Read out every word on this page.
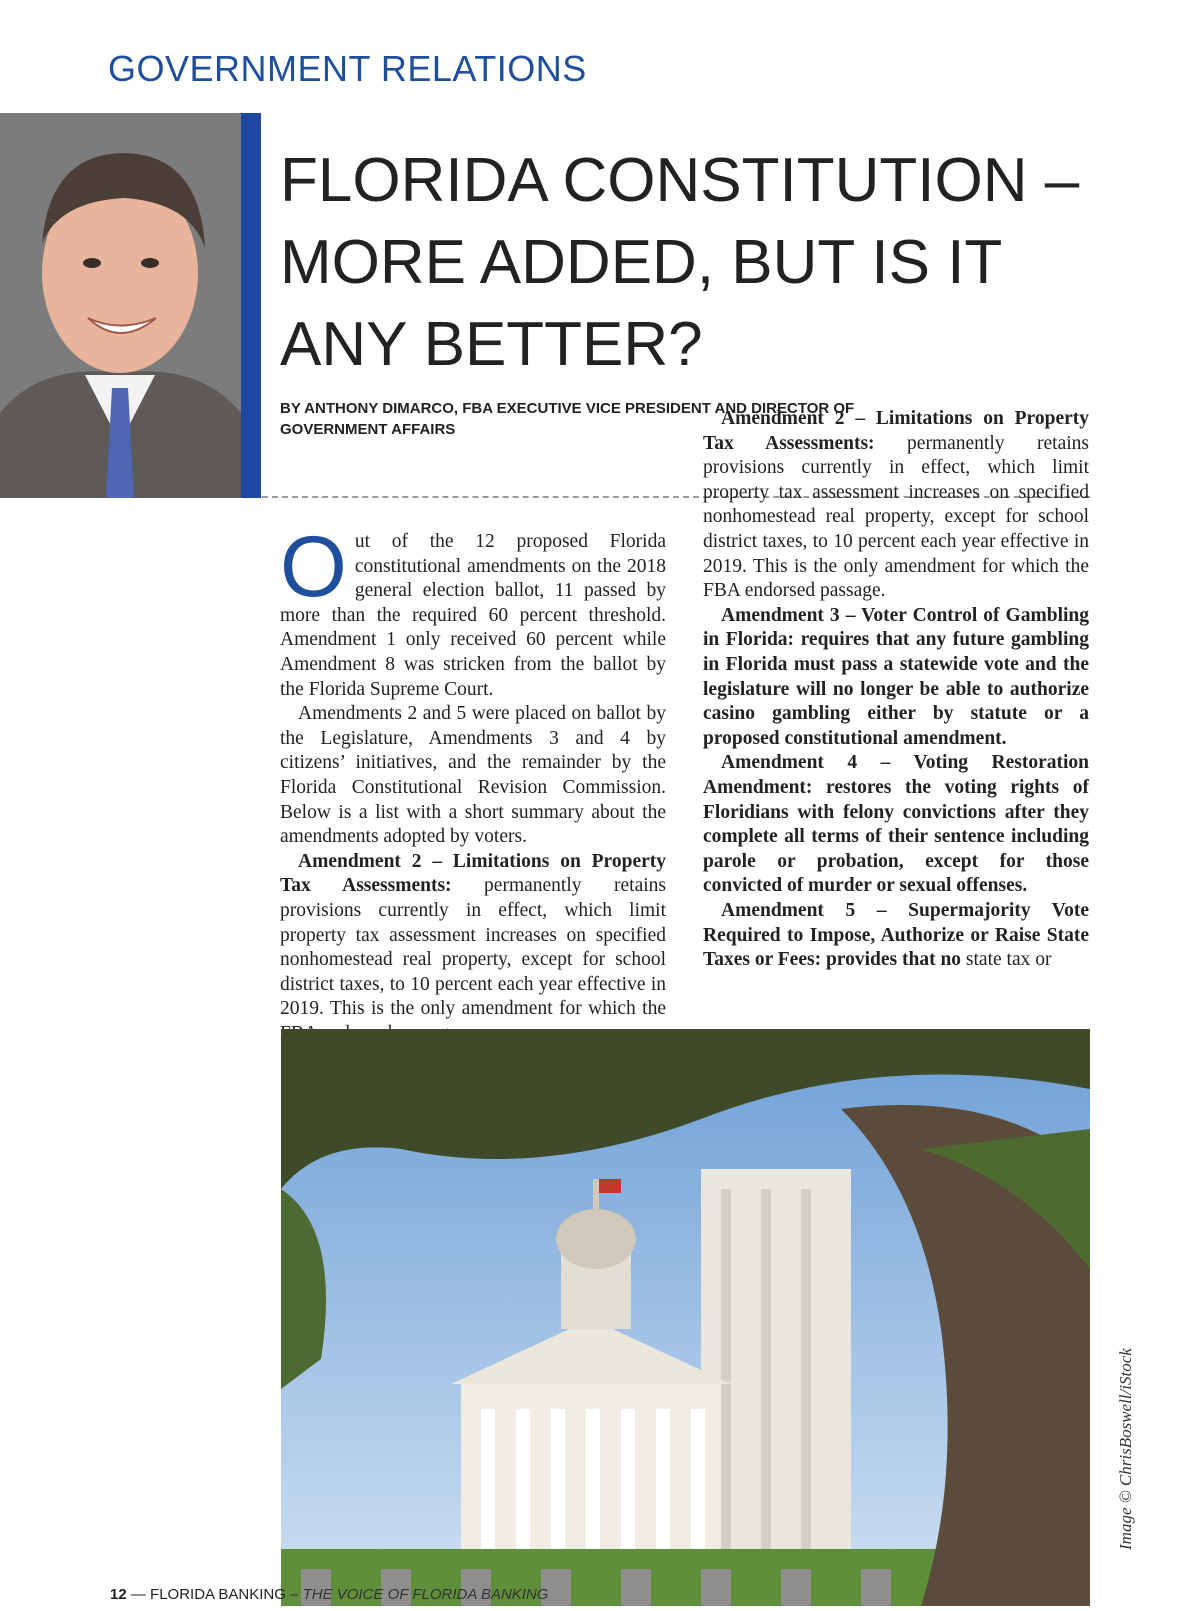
GOVERNMENT RELATIONS
FLORIDA CONSTITUTION – MORE ADDED, BUT IS IT ANY BETTER?
BY ANTHONY DIMARCO, FBA EXECUTIVE VICE PRESIDENT AND DIRECTOR OF GOVERNMENT AFFAIRS

Out of the 12 proposed Florida constitutional amendments on the 2018 general election ballot, 11 passed by more than the required 60 percent threshold. Amendment 1 only received 60 percent while Amendment 8 was stricken from the ballot by the Florida Supreme Court.

Amendments 2 and 5 were placed on ballot by the Legislature, Amendments 3 and 4 by citizens’ initiatives, and the remainder by the Florida Constitutional Revision Commission. Below is a list with a short summary about the amendments adopted by voters.

Amendment 2 – Limitations on Property Tax Assessments: permanently retains provisions currently in effect, which limit property tax assessment increases on specified nonhomestead real property, except for school district taxes, to 10 percent each year effective in 2019. This is the only amendment for which the

Amendment 2 – Limitations on Property Tax Assessments: permanently retains provisions currently in effect, which limit property tax assessment increases on specified nonhomestead real property, except for school district taxes, to 10 percent each year effective in 2019. This is the only amendment for which the FBA endorsed passage.

Amendment 3 – Voter Control of Gambling in Florida: requires that any future gambling in Florida must pass a statewide vote and the legislature will no longer be able to authorize casino gambling either by statute or a proposed constitutional amendment.

Amendment 4 – Voting Restoration Amendment: restores the voting rights of Floridians with felony convictions after they complete all terms of their sentence including parole or probation, except for those convicted of murder or sexual offenses.

Amendment 5 – Supermajority Vote Required to Impose, Authorize or Raise State Taxes or Fees: provides that no state tax or

Image © ChrisBoswell/iStock
12 — FLORIDA BANKING – THE VOICE OF FLORIDA BANKING
